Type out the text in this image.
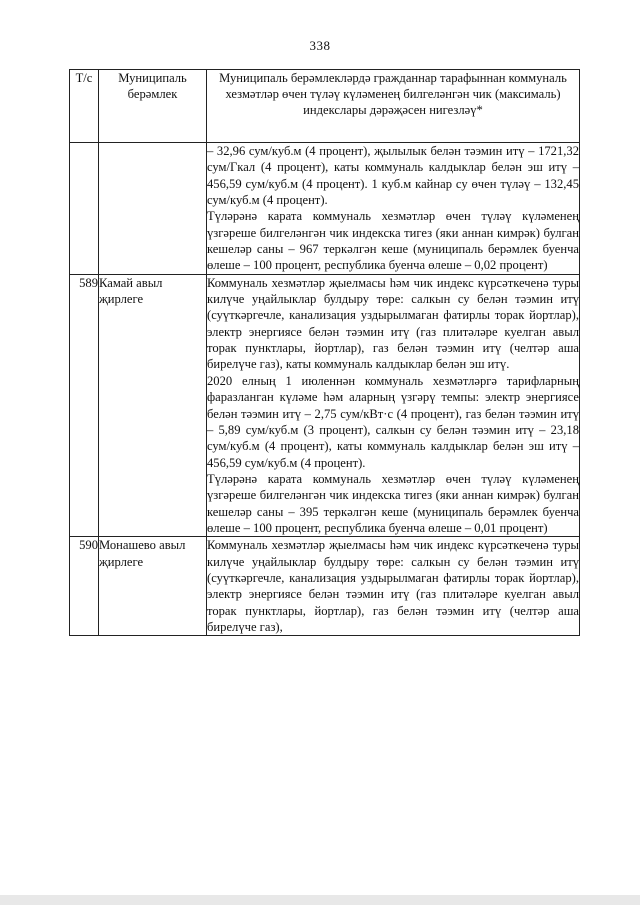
338
Т/с	Муниципаль берәмлек	Муниципаль берәмлекләрдә гражданнар тарафыннан коммуналь хезмәтләр өчен түләү күләменең билгеләнгән чик (максималь) индекслары дәрәҗәсен нигезләү*

		– 32,96 сум/куб.м (4 процент), җылылык белән тәэмин итү – 1721,32 сум/Гкал (4 процент), каты коммуналь калдыклар белән эш итү – 456,59 сум/куб.м (4 процент). 1 куб.м кайнар су өчен түләү – 132,45 сум/куб.м (4 процент).

Түләрәнә карата коммуналь хезмәтләр өчен түләү күләменең үзгәреше билгеләнгән чик индекска тигез (яки аннан кимрәк) булган кешеләр саны – 967 теркәлгән кеше (муниципаль берәмлек буенча өлеше – 100 процент, республика буенча өлеше – 0,02 процент)

589	Камай авыл җирлеге	Коммуналь хезмәтләр җыелмасы һәм чик индекс күрсәткеченә туры килүче уңайлыклар булдыру төре: салкын су белән тәэмин итү (суүткәргечле, канализация уздырылмаган фатирлы торак йортлар), электр энергиясе белән тәэмин итү (газ плитәләре куелган авыл торак пунктлары, йортлар), газ белән тәэмин итү (челтәр аша бирелүче газ), каты коммуналь калдыклар белән эш итү.

2020 елның 1 июленнән коммуналь хезмәтләргә тарифларның фаразланган күләме һәм аларның үзгәрү темпы: электр энергиясе белән тәэмин итү – 2,75 сум/кВт·с (4 процент), газ белән тәэмин итү – 5,89 сум/куб.м (3 процент), салкын су белән тәэмин итү – 23,18 сум/куб.м (4 процент), каты коммуналь калдыклар белән эш итү – 456,59 сум/куб.м (4 процент).

Түләрәнә карата коммуналь хезмәтләр өчен түләү күләменең үзгәреше билгеләнгән чик индекска тигез (яки аннан кимрәк) булган кешеләр саны – 395 теркәлгән кеше (муниципаль берәмлек буенча өлеше – 100 процент, республика буенча өлеше – 0,01 процент)

590	Монашево авыл җирлеге	Коммуналь хезмәтләр җыелмасы һәм чик индекс күрсәткеченә туры килүче уңайлыклар булдыру төре: салкын су белән тәэмин итү (суүткәргечле, канализация уздырылмаган фатирлы торак йортлар), электр энергиясе белән тәэмин итү (газ плитәләре куелган авыл торак пунктлары, йортлар), газ белән тәэмин итү (челтәр аша бирелүче газ),
